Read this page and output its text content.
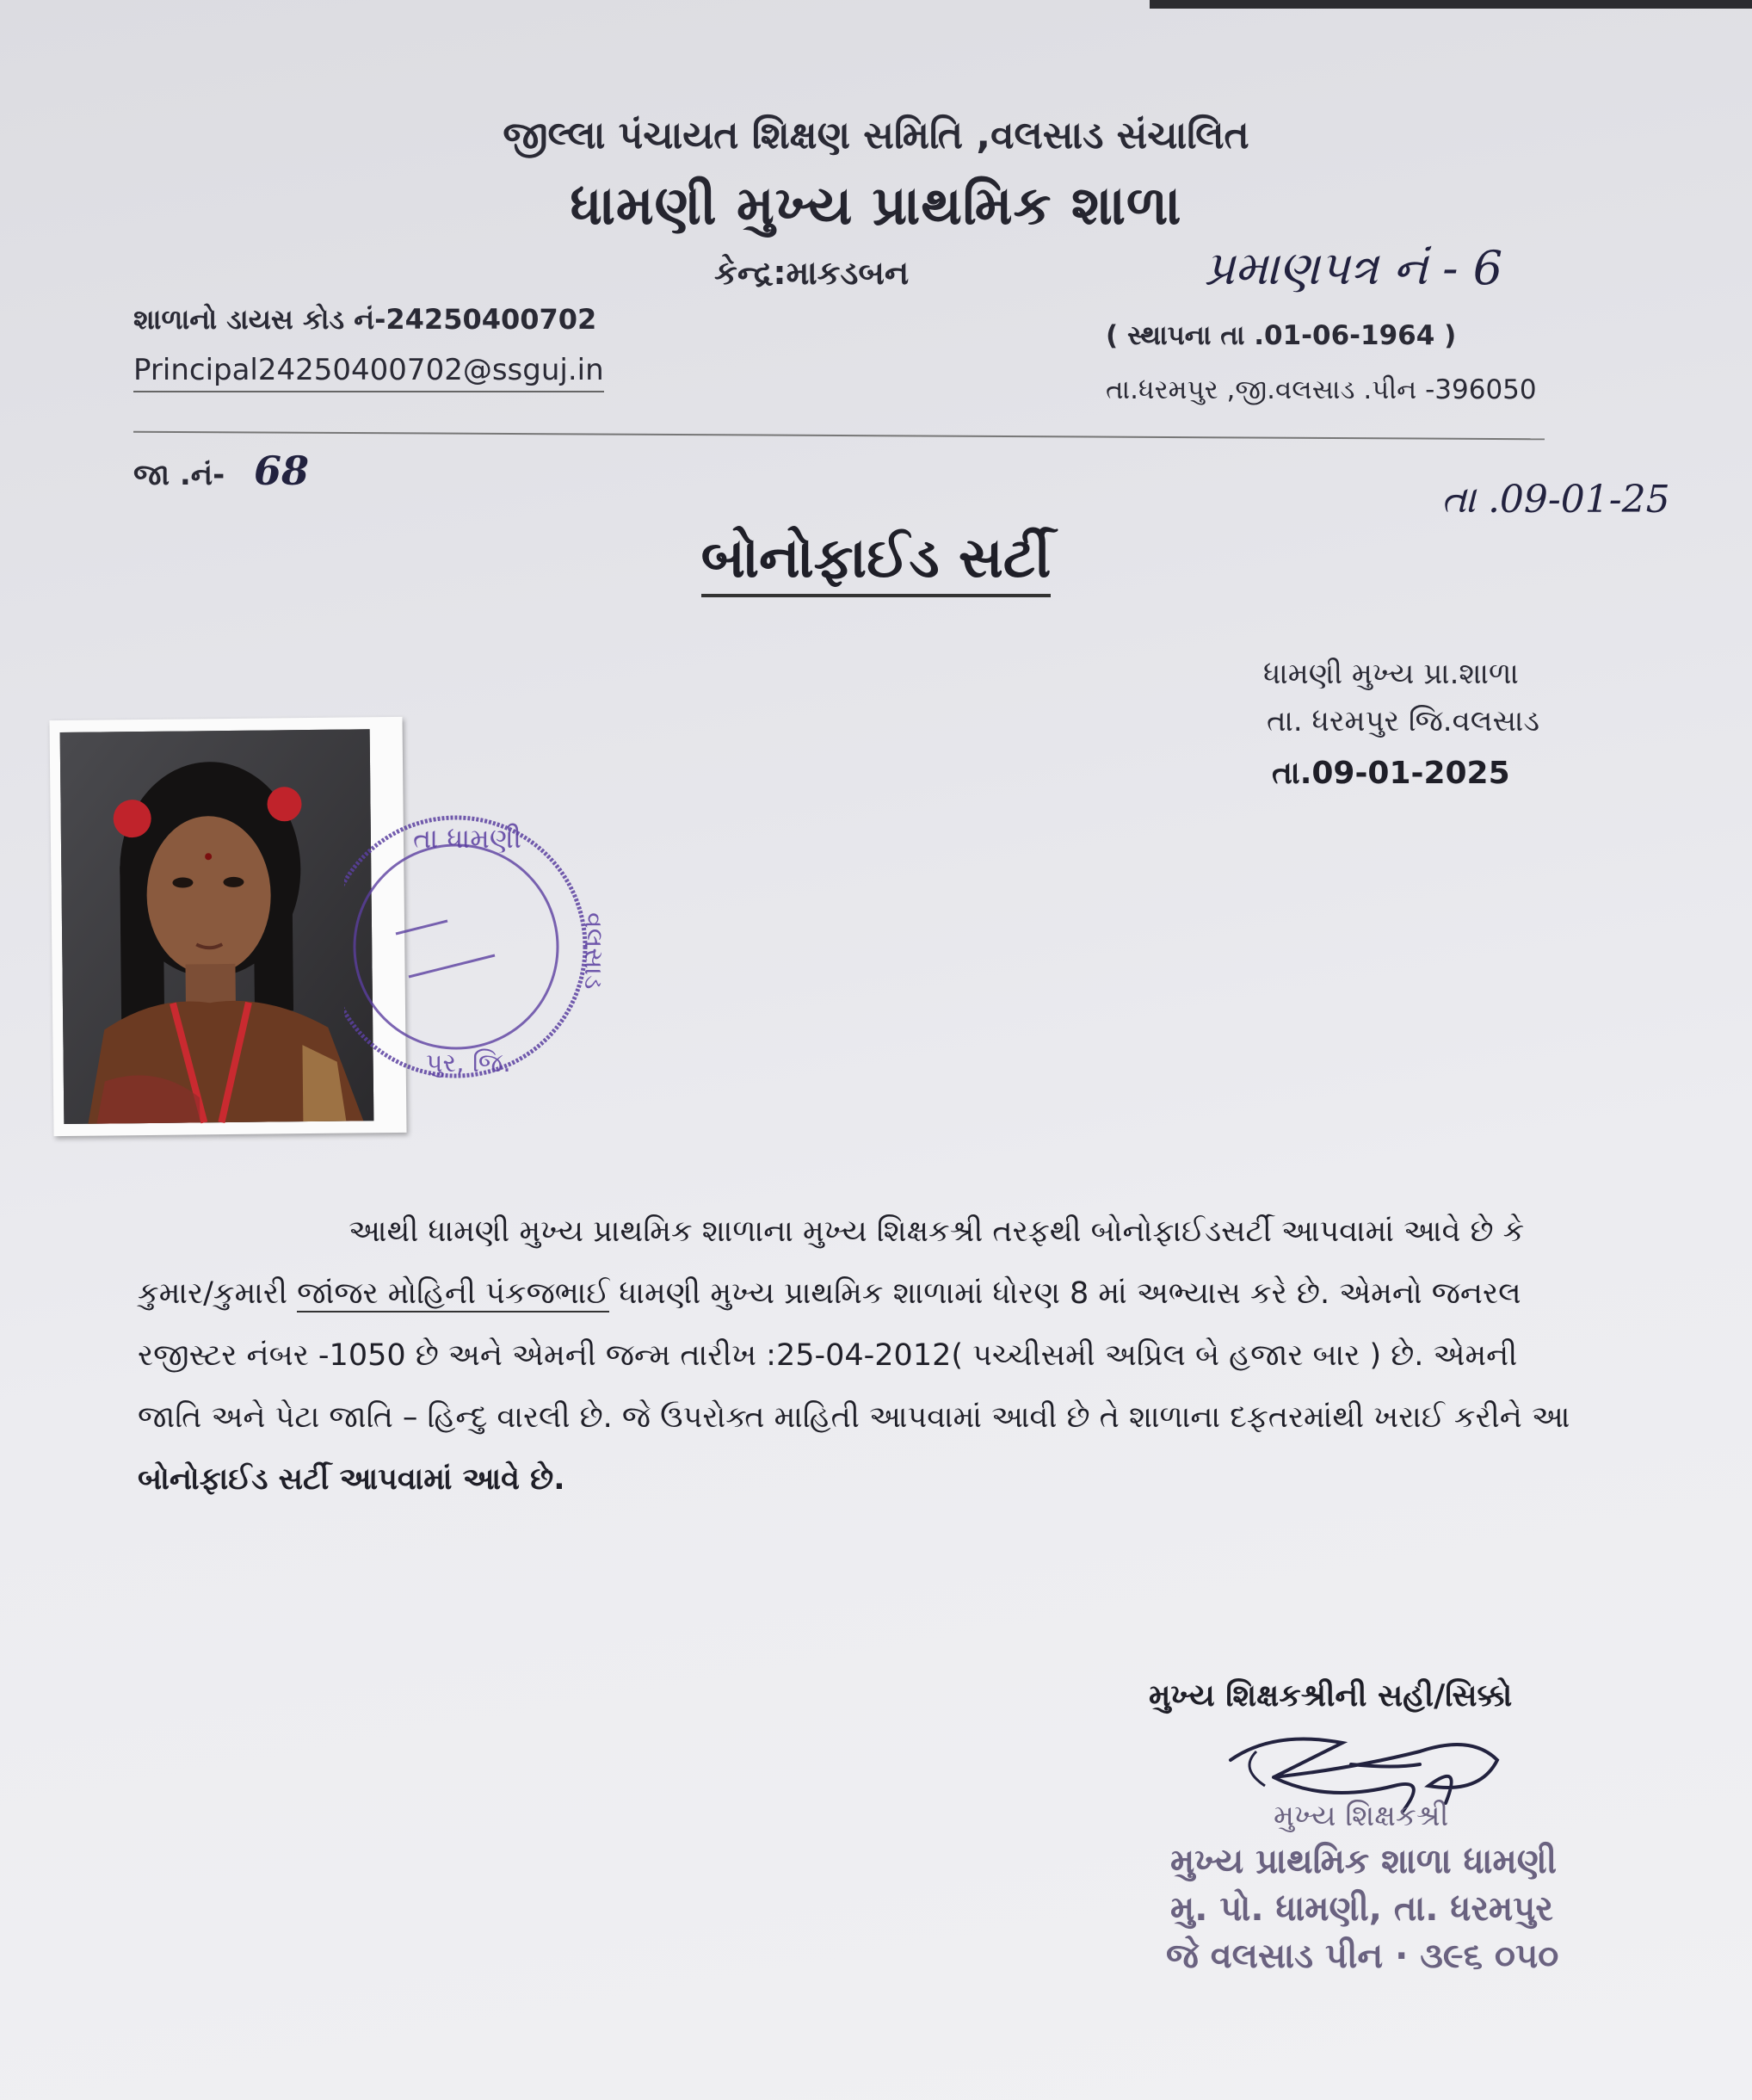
જીલ્લા પંચાયત શિક્ષણ સમિતિ ,વલસાડ સંચાલિત
ધામણી મુખ્ય પ્રાથમિક શાળા
કેન્દ્ર:માકડબન	પ્રમાણપત્ર નં - 6
શાળાનો ડાયસ કોડ નં-24250400702
Principal24250400702@ssguj.in
( સ્થાપના તા .01-06-1964 )
તા.ધરમપુર ,જી.વલસાડ .પીન -396050
જા .નં- 68
તા .09-01-25
બોનોફાઈડ સર્ટી
ધામણી મુખ્ય પ્રા.શાળા
તા. ધરમપુર જિ.વલસાડ
તા.09-01-2025
તા ધામણી
વલસાડ
પુર, જિ.
આથી ધામણી મુખ્ય પ્રાથમિક શાળાના મુખ્ય શિક્ષકશ્રી તરફથી બોનોફાઈડસર્ટી આપવામાં આવે છે કે
કુમાર/કુમારી જાંજર મોહિની પંકજભાઈ ધામણી મુખ્ય પ્રાથમિક શાળામાં ધોરણ 8 માં અભ્યાસ કરે છે. એમનો જનરલ
રજીસ્ટર નંબર -1050 છે અને એમની જન્મ તારીખ :25-04-2012( પચ્ચીસમી અપ્રિલ બે હજાર બાર ) છે. એમની
જાતિ અને પેટા જાતિ – હિન્દુ વારલી છે. જે ઉપરોક્ત માહિતી આપવામાં આવી છે તે શાળાના દફતરમાંથી ખરાઈ કરીને આ
બોનોફાઈડ સર્ટી આપવામાં આવે છે.
મુખ્ય શિક્ષકશ્રીની સહી/સિક્કો
મુખ્ય શિક્ષકશ્રી
મુખ્ય પ્રાથમિક શાળા ધામણી
મુ. પો. ધામણી, તા. ધરમપુર
જે વલસાડ પીન · ૩૯૬ ૦૫૦
